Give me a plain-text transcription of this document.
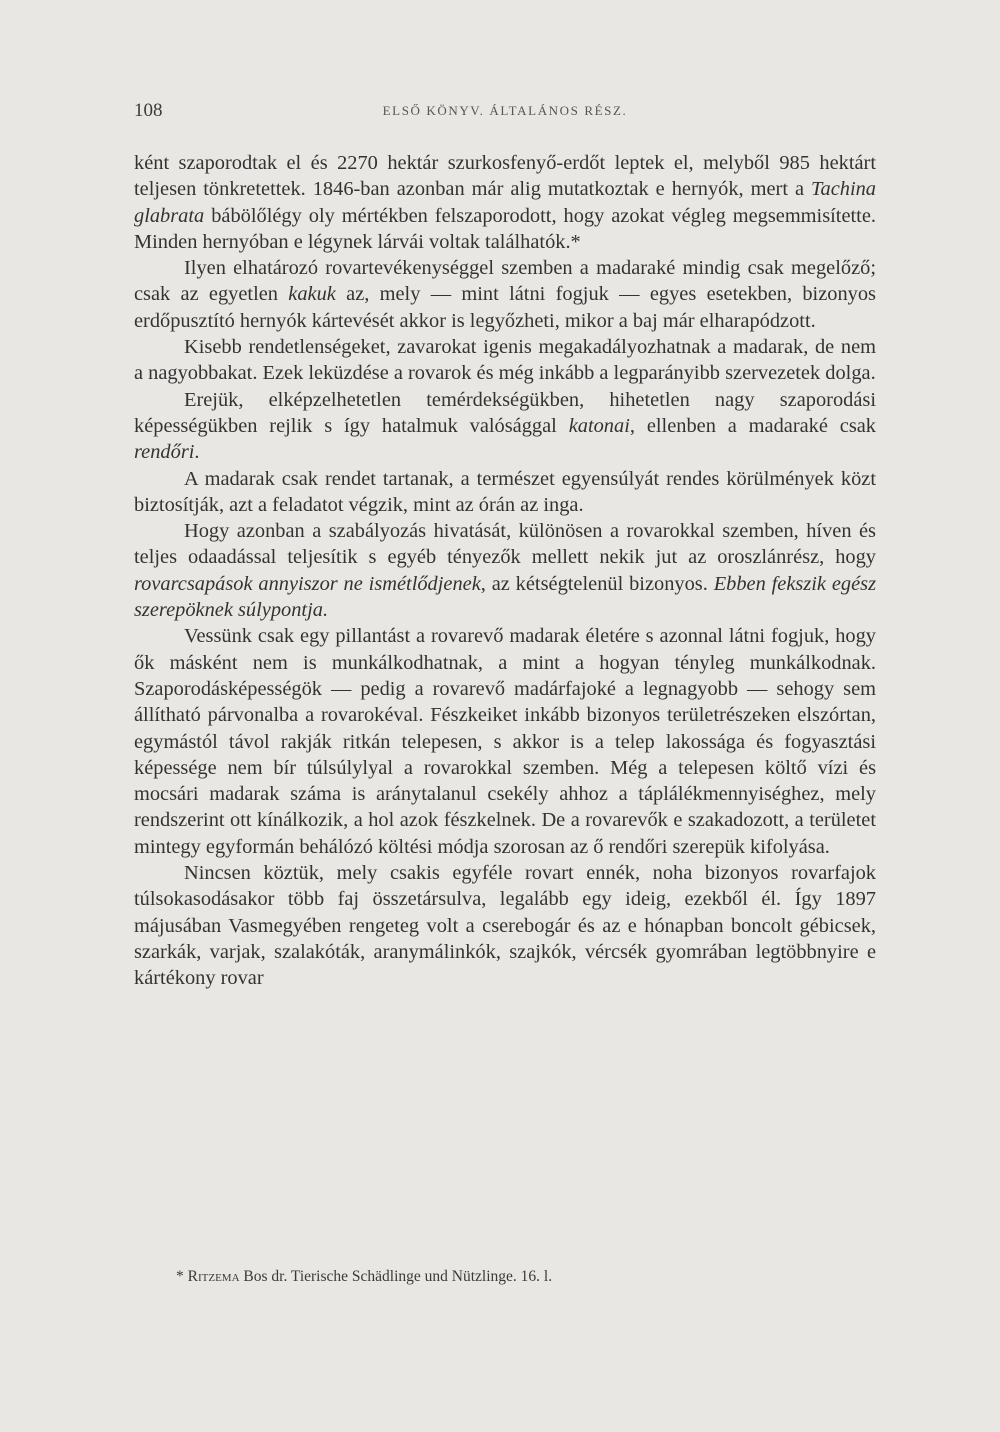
108	ELSŐ KÖNYV. ÁLTALÁNOS RÉSZ.

ként szaporodtak el és 2270 hektár szurkosfenyő-erdőt leptek el, melyből 985 hektárt teljesen tönkretettek. 1846-ban azonban már alig mutatkoztak e hernyók, mert a Tachina glabrata bábölőlégy oly mértékben felszaporodott, hogy azokat végleg megsemmisítette. Minden hernyóban e légynek lárvái voltak találhatók.*

Ilyen elhatározó rovartevékenységgel szemben a madaraké mindig csak megelőző; csak az egyetlen kakuk az, mely — mint látni fogjuk — egyes esetekben, bizonyos erdőpusztító hernyók kártevését akkor is legyőzheti, mikor a baj már elharapódzott.

Kisebb rendetlenségeket, zavarokat igenis megakadályozhatnak a madarak, de nem a nagyobbakat. Ezek leküzdése a rovarok és még inkább a legparányibb szervezetek dolga.

Erejük, elképzelhetetlen temérdekségükben, hihetetlen nagy szaporodási képességükben rejlik s így hatalmuk valósággal katonai, ellenben a madaraké csak rendőri.

A madarak csak rendet tartanak, a természet egyensúlyát rendes körülmények közt biztosítják, azt a feladatot végzik, mint az órán az inga.

Hogy azonban a szabályozás hivatását, különösen a rovarokkal szemben, híven és teljes odaadással teljesítik s egyéb tényezők mellett nekik jut az oroszlánrész, hogy rovarcsapások annyiszor ne ismétlődjenek, az kétségtelenül bizonyos. Ebben fekszik egész szerepöknek súlypontja.

Vessünk csak egy pillantást a rovarevő madarak életére s azonnal látni fogjuk, hogy ők másként nem is munkálkodhatnak, a mint a hogyan tényleg munkálkodnak. Szaporodásképességök — pedig a rovarevő madárfajoké a legnagyobb — sehogy sem állítható párvonalba a rovarokéval. Fészkeiket inkább bizonyos területrészeken elszórtan, egymástól távol rakják ritkán telepesen, s akkor is a telep lakossága és fogyasztási képessége nem bír túlsúlylyal a rovarokkal szemben. Még a telepesen költő vízi és mocsári madarak száma is aránytalanul csekély ahhoz a táplálékmennyiséghez, mely rendszerint ott kínálkozik, a hol azok fészkelnek. De a rovarevők e szakadozott, a területet mintegy egyformán behálózó költési módja szorosan az ő rendőri szerepük kifolyása.

Nincsen köztük, mely csakis egyféle rovart ennék, noha bizonyos rovarfajok túlsokasodásakor több faj összetársulva, legalább egy ideig, ezekből él. Így 1897 májusában Vasmegyében rengeteg volt a cserebogár és az e hónapban boncolt gébicsek, szarkák, varjak, szalakóták, aranymálinkók, szajkók, vércsék gyomrában legtöbbnyire e kártékony rovar

* Ritzema Bos dr. Tierische Schädlinge und Nützlinge. 16. l.
